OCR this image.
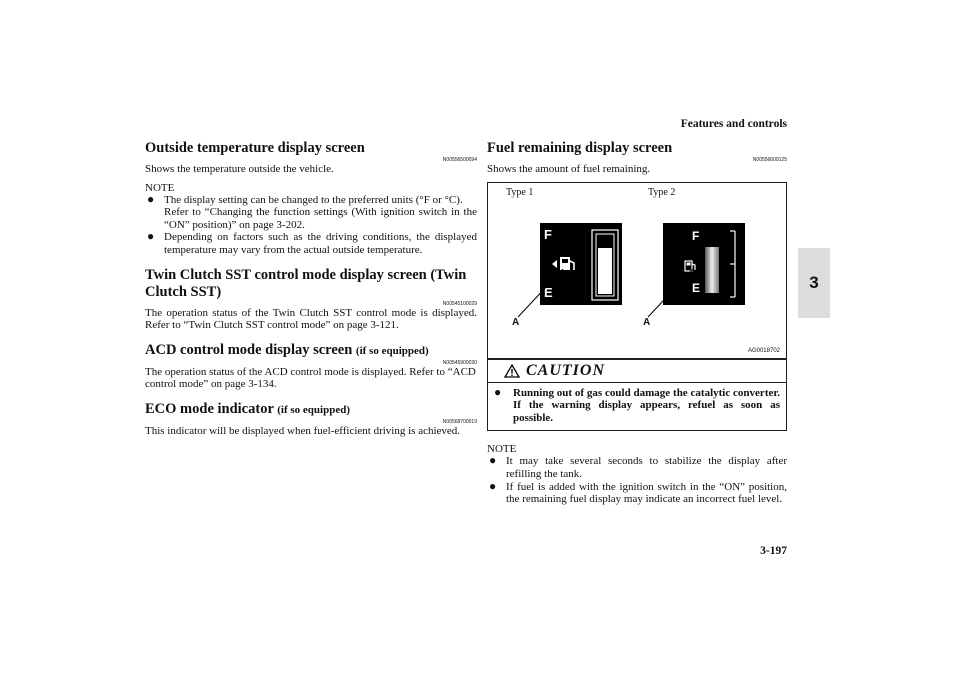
Features and controls
3
3-197
Outside temperature display screen
N00556500094

Shows the temperature outside the vehicle.

NOTE

● The display setting can be changed to the preferred units (°F or °C).
Refer to “Changing the function settings (With ignition switch in the “ON” position)” on page 3-202.
● Depending on factors such as the driving conditions, the displayed temperature may vary from the actual outside temperature.
Twin Clutch SST control mode display screen (Twin Clutch SST)
N00545100029

The operation status of the Twin Clutch SST control mode is displayed. Refer to “Twin Clutch SST control mode” on page 3-121.

ACD control mode display screen (if so equipped)
N00545900030

The operation status of the ACD control mode is displayed. Refer to “ACD control mode” on page 3-134.

ECO mode indicator (if so equipped)
N00568700019

This indicator will be displayed when fuel-efficient driving is achieved.

Fuel remaining display screen
N00556600125

Shows the amount of fuel remaining.

Type 1	Type 2
F
E
F
E
A	A
AG0018702
CAUTION
● Running out of gas could damage the catalytic converter. If the warning display appears, refuel as soon as possible.

NOTE

● It may take several seconds to stabilize the display after refilling the tank.
● If fuel is added with the ignition switch in the “ON” position, the remaining fuel display may indicate an incorrect fuel level.
